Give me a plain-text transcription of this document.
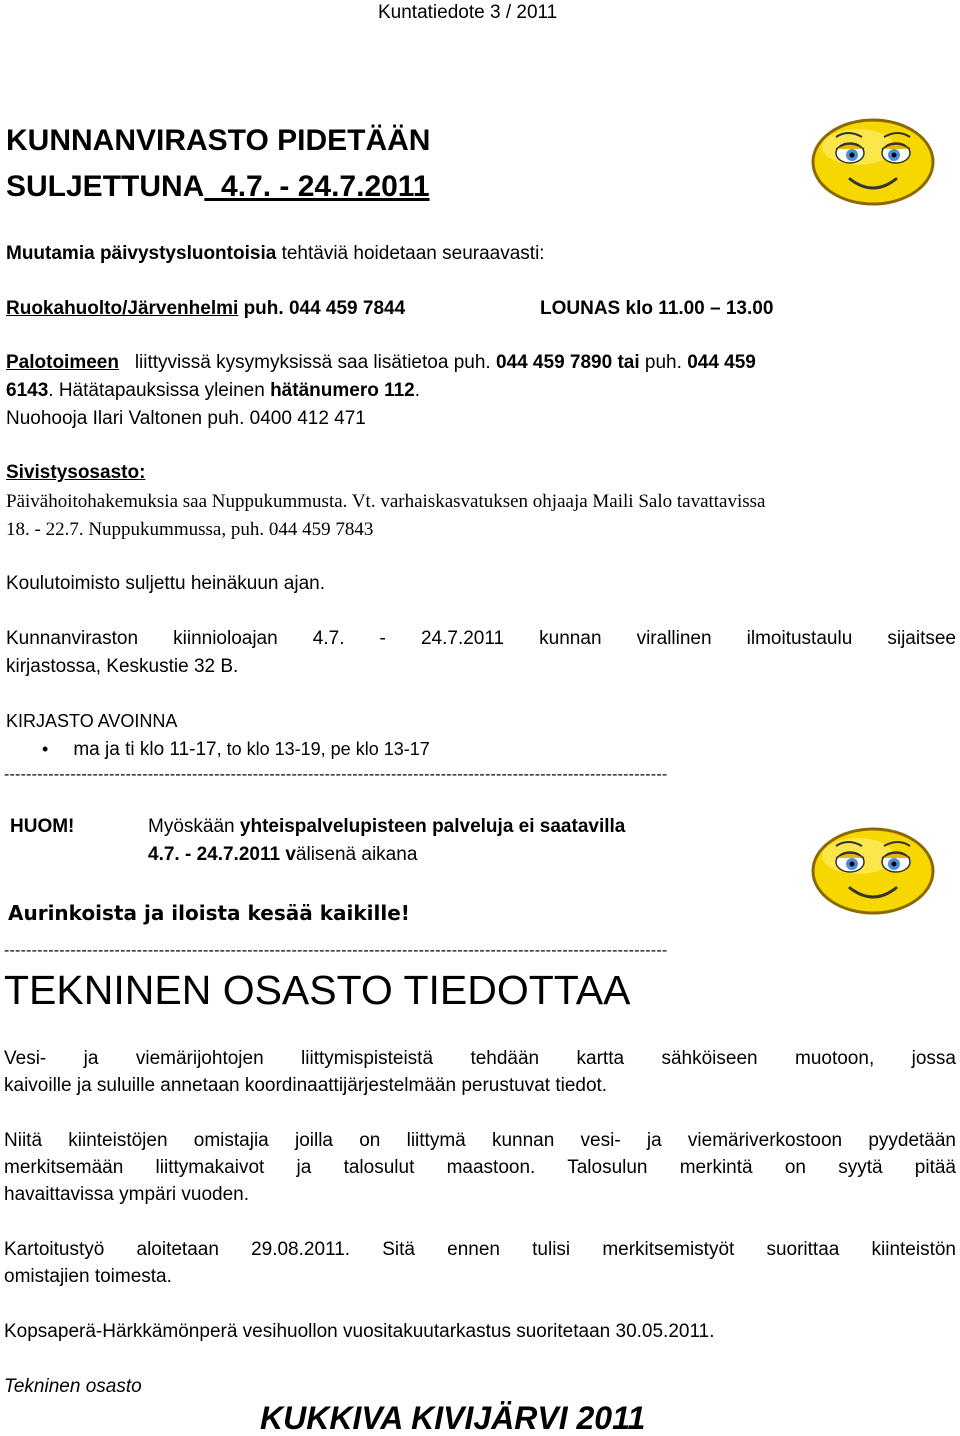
Kuntatiedote 3 / 2011
KUNNANVIRASTO PIDETÄÄN
SULJETTUNA 4.7. - 24.7.2011
Muutamia päivystysluontoisia tehtäviä hoidetaan seuraavasti:
Ruokahuolto/Järvenhelmi puh. 044 459 7844	LOUNAS klo 11.00 – 13.00
Palotoimeen liittyvissä kysymyksissä saa lisätietoa puh. 044 459 7890 tai puh. 044 459
6143. Hätätapauksissa yleinen hätänumero 112.
Nuohooja Ilari Valtonen puh. 0400 412 471
Sivistysosasto:
Päivähoitohakemuksia saa Nuppukummusta. Vt. varhaiskasvatuksen ohjaaja Maili Salo tavattavissa
18. - 22.7. Nuppukummussa, puh. 044 459 7843
Koulutoimisto suljettu heinäkuun ajan.
Kunnanviraston kiinnioloajan 4.7. - 24.7.2011 kunnan virallinen ilmoitustaulu sijaitsee
kirjastossa, Keskustie 32 B.
KIRJASTO AVOINNA
• ma ja ti klo 11-17, to klo 13-19, pe klo 13-17
------------------------------------------------------------------------------------------------------------------------
HUOM!	Myöskään yhteispalvelupisteen palveluja ei saatavilla
4.7. - 24.7.2011 välisenä aikana
Aurinkoista ja iloista kesää kaikille!
------------------------------------------------------------------------------------------------------------------------
TEKNINEN OSASTO TIEDOTTAA
Vesi- ja viemärijohtojen liittymispisteistä tehdään kartta sähköiseen muotoon, jossa
kaivoille ja suluille annetaan koordinaattijärjestelmään perustuvat tiedot.
Niitä kiinteistöjen omistajia joilla on liittymä kunnan vesi- ja viemäriverkostoon pyydetään
merkitsemään liittymakaivot ja talosulut maastoon. Talosulun merkintä on syytä pitää
havaittavissa ympäri vuoden.
Kartoitustyö aloitetaan 29.08.2011. Sitä ennen tulisi merkitsemistyöt suorittaa kiinteistön
omistajien toimesta.
Kopsaperä-Härkkämönperä vesihuollon vuositakuutarkastus suoritetaan 30.05.2011.
Tekninen osasto
KUKKIVA KIVIJÄRVI 2011
